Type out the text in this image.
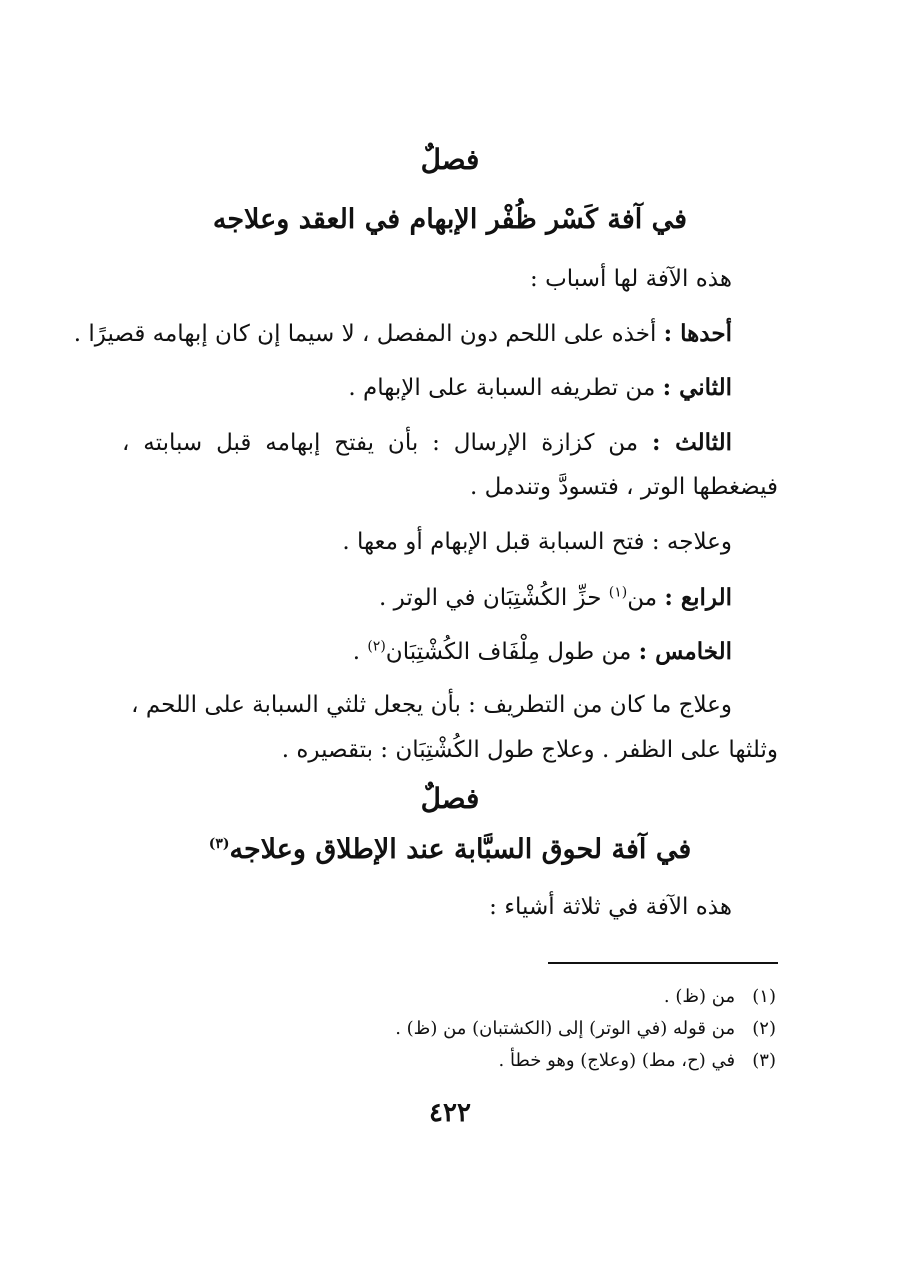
فصلٌ
في آفة كَسْر ظُفْر الإبهام في العقد وعلاجه
هذه الآفة لها أسباب :
أحدها : أخذه على اللحم دون المفصل ، لا سيما إن كان إبهامه قصيرًا .
الثاني : من تطريفه السبابة على الإبهام .
الثالث : من كزازة الإرسال : بأن يفتح إبهامه قبل سبابته ،
فيضغطها الوتر ، فتسودَّ وتندمل .
وعلاجه : فتح السبابة قبل الإبهام أو معها .
الرابع : من$^{(١)}$ حزِّ الكُشْتِبَان في الوتر .
الخامس : من طول مِلْفَاف الكُشْتِبَان$^{(٢)}$ .
وعلاج ما كان من التطريف : بأن يجعل ثلثي السبابة على اللحم ،
وثلثها على الظفر . وعلاج طول الكُشْتِبَان : بتقصيره .
فصلٌ
في آفة لحوق السبَّابة عند الإطلاق وعلاجه$^{(٣)}$
هذه الآفة في ثلاثة أشياء :
(١)   من (ظ) .
(٢)   من قوله (في الوتر) إلى (الكشتبان) من (ظ) .
(٣)   في (ح، مط) (وعلاج) وهو خطأ .
٤٢٢
